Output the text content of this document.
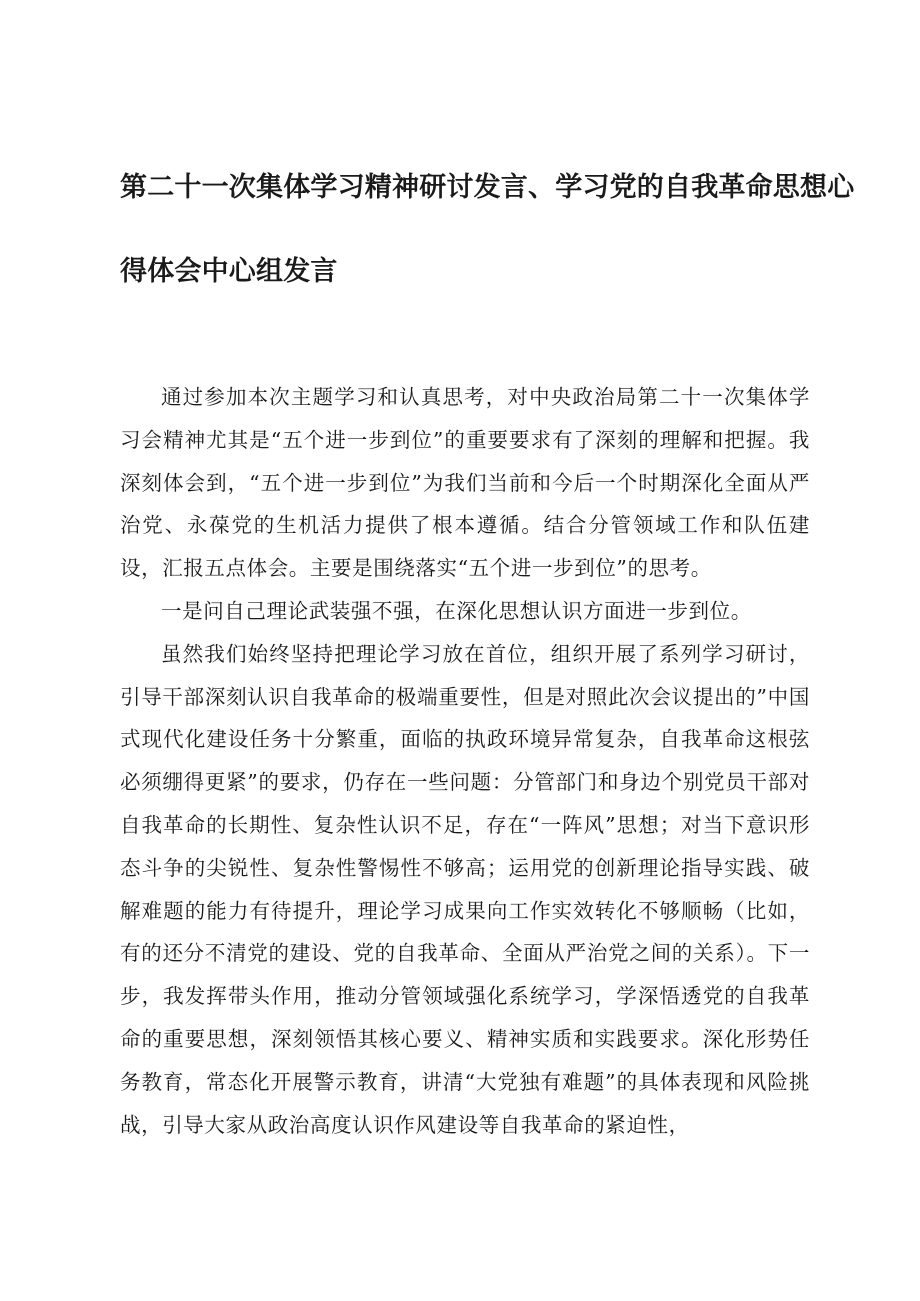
第二十一次集体学习精神研讨发言、学习党的自我革命思想心
得体会中心组发言

通过参加本次主题学习和认真思考，对中央政治局第二十一次集体学习会精神尤其是“五个进一步到位”的重要要求有了深刻的理解和把握。我深刻体会到，“五个进一步到位”为我们当前和今后一个时期深化全面从严治党、永葆党的生机活力提供了根本遵循。结合分管领域工作和队伍建设，汇报五点体会。主要是围绕落实“五个进一步到位”的思考。

一是问自己理论武装强不强，在深化思想认识方面进一步到位。

虽然我们始终坚持把理论学习放在首位，组织开展了系列学习研讨，引导干部深刻认识自我革命的极端重要性，但是对照此次会议提出的”中国式现代化建设任务十分繁重，面临的执政环境异常复杂，自我革命这根弦必须绷得更紧”的要求，仍存在一些问题：分管部门和身边个别党员干部对自我革命的长期性、复杂性认识不足，存在“一阵风”思想；对当下意识形态斗争的尖锐性、复杂性警惕性不够高；运用党的创新理论指导实践、破解难题的能力有待提升，理论学习成果向工作实效转化不够顺畅（比如，有的还分不清党的建设、党的自我革命、全面从严治党之间的关系）。下一步，我发挥带头作用，推动分管领域强化系统学习，学深悟透党的自我革命的重要思想，深刻领悟其核心要义、精神实质和实践要求。深化形势任务教育，常态化开展警示教育，讲清“大党独有难题”的具体表现和风险挑战，引导大家从政治高度认识作风建设等自我革命的紧迫性，
